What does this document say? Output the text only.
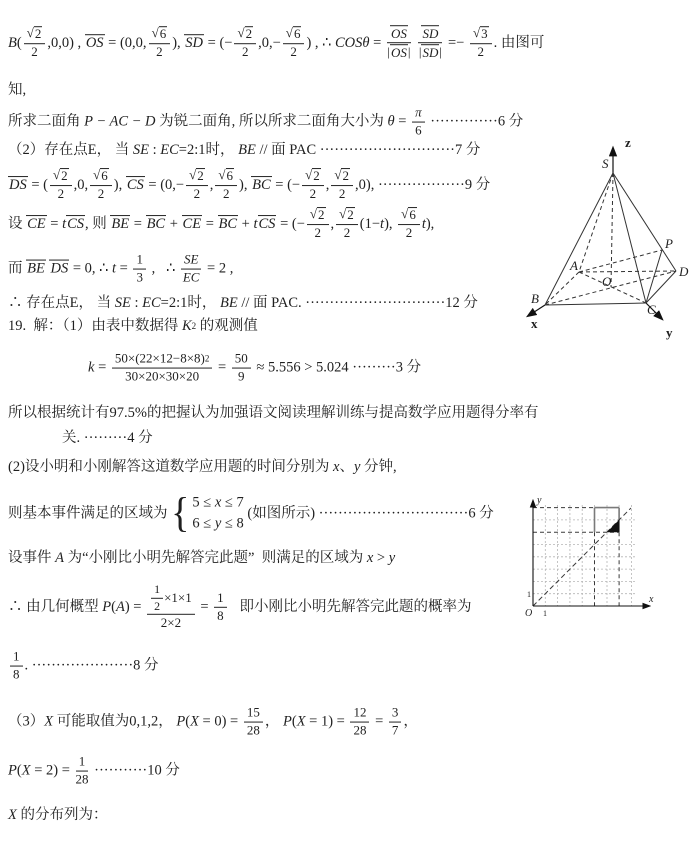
B ( $\frac{√ 2}{2} ,0,0$) , OS = (0,0, $\frac{√ 6}{2}$ ), SD = (− $\frac{√ 2}{2} ,0,- \frac{√ 6}{2}$ ) , ∴ $COS\theta = \frac{OS}{| OS |}$
$\frac{SD}{| SD |} =- \frac{√ 3}{2}$ . 由图可
知,
所求二面角 P − AC − D 为锐二面角, 所以所求二面角大小为 $\theta = \frac{\pi}{6} \cdot\cdot\cdot\cdot\cdot\cdot\cdot\cdot\cdot\cdot\cdot\cdot\cdot\cdot 6$ 分
（2）存在点E， 当 SE : EC =2:1时， BE // 面 PAC ····························7 分
DS = ( $\frac{√ 2}{2} ,0$, $\frac{√ 6}{2}$ ), CS = ($0,- \frac{√ 2}{2}$ , $\frac{√ 6}{2}$ ), BC = (− $\frac{√ 2}{2}$ , $\frac{√ 2}{2} ,0$), ··················9 分
设 CE = t CS , 则 BE = BC + CE = BC + t CS = (− $\frac{√ 2}{2}$ , $\frac{√ 2}{2} (1- t$ ), $\frac{√ 6}{2}$ t ),
而 BE
DS = 0, ∴ $t = \frac{1}{3}$ ,   ∴ $\frac{SE}{EC} = 2$ ,
∴ 存在点E， 当 SE : EC =2:1时， BE // 面 PAC. ·····························12 分
19.  解：（1）由表中数据得 K 2 的观测值
$k = \frac{50\times(22\times 12-8\times 8) 2}{30\times 20\times 30\times 20} = \frac{50}{9} \approx 5.556 > 5.024 \cdot\cdot\cdot\cdot\cdot\cdot\cdot\cdot\cdot 3$ 分
所以根据统计有97.5%的把握认为加强语文阅读理解训练与提高数学应用题得分率有
关. ·········4 分
(2)设小明和小刚解答这道数学应用题的时间分别为 x 、 y 分钟,
则基本事件满足的区域为 { 5 ≤ x ≤ 7
6 ≤ y ≤ 8
(如图所示) ·······························6 分
设事件 A 为“小刚比小明先解答完此题”  则满足的区域为 x > y
∴ 由几何概型 P ( A ) = $\frac{\frac{1}{2} \times 1\times 1}{2\times 2} = \frac{1}{8}$ 即小刚比小明先解答完此题的概率为
$\frac{1}{8}$ . ·····················8 分
（3） X 可能取值为0,1,2， P ( $X = 0) = \frac{15}{28}$ ， P ( $X = 1) = \frac{12}{28} = \frac{3}{7}$ ，
P ( $X = 2) = \frac{1}{28} \cdot\cdot\cdot\cdot\cdot\cdot\cdot\cdot\cdot\cdot\cdot 10$ 分
X 的分布列为：
z
S
P
D
A
O
B
C
x
y
y
x
O
1
1
